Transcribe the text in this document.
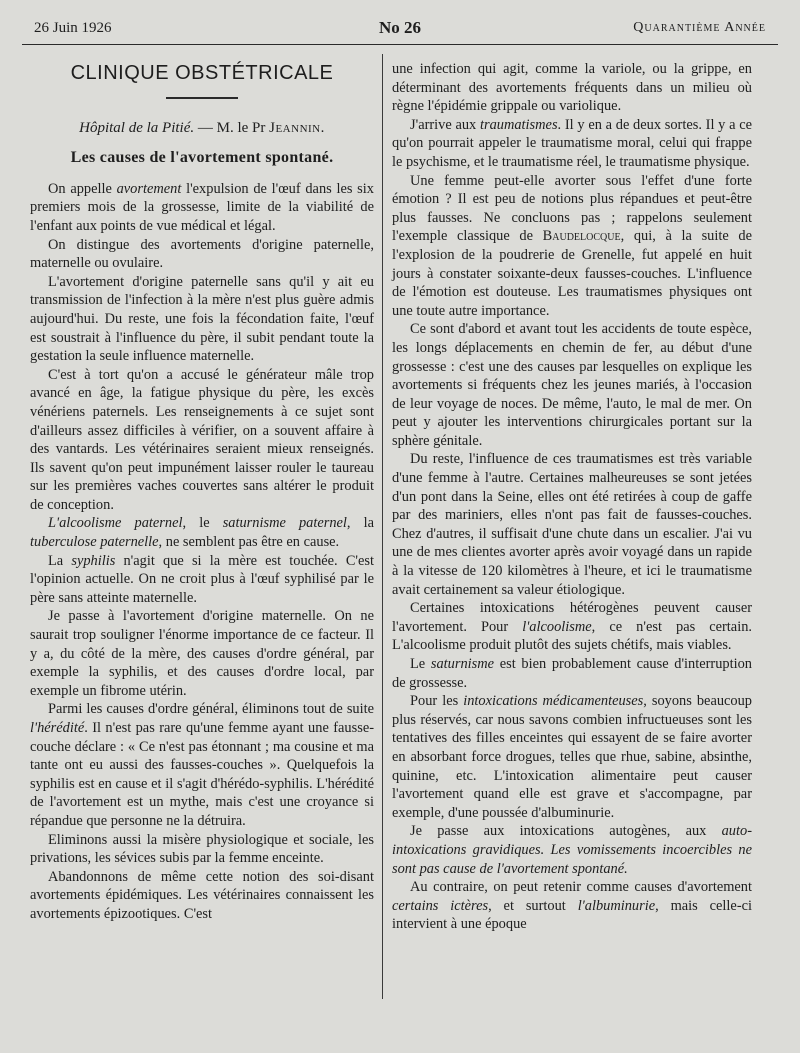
26 Juin 1926	No 26	Quarantième Année
CLINIQUE OBSTÉTRICALE
Hôpital de la Pitié. — M. le Pr Jeannin.
Les causes de l'avortement spontané.

On appelle avortement l'expulsion de l'œuf dans les six premiers mois de la grossesse, limite de la viabilité de l'enfant aux points de vue médical et légal.

On distingue des avortements d'origine paternelle, maternelle ou ovulaire.

L'avortement d'origine paternelle sans qu'il y ait eu transmission de l'infection à la mère n'est plus guère admis aujourd'hui. Du reste, une fois la fécondation faite, l'œuf est soustrait à l'influence du père, il subit pendant toute la gestation la seule influence maternelle.

C'est à tort qu'on a accusé le générateur mâle trop avancé en âge, la fatigue physique du père, les excès vénériens paternels. Les renseignements à ce sujet sont d'ailleurs assez difficiles à vérifier, on a souvent affaire à des vantards. Les vétérinaires seraient mieux renseignés. Ils savent qu'on peut impunément laisser rouler le taureau sur les premières vaches couvertes sans altérer le produit de conception.

L'alcoolisme paternel, le saturnisme paternel, la tuberculose paternelle, ne semblent pas être en cause.

La syphilis n'agit que si la mère est touchée. C'est l'opinion actuelle. On ne croit plus à l'œuf syphilisé par le père sans atteinte maternelle.

Je passe à l'avortement d'origine maternelle. On ne saurait trop souligner l'énorme importance de ce facteur. Il y a, du côté de la mère, des causes d'ordre général, par exemple la syphilis, et des causes d'ordre local, par exemple un fibrome utérin.

Parmi les causes d'ordre général, éliminons tout de suite l'hérédité. Il n'est pas rare qu'une femme ayant une fausse-couche déclare : « Ce n'est pas étonnant ; ma cousine et ma tante ont eu aussi des fausses-couches ». Quelquefois la syphilis est en cause et il s'agit d'hérédo-syphilis. L'hérédité de l'avortement est un mythe, mais c'est une croyance si répandue que personne ne la détruira.

Eliminons aussi la misère physiologique et sociale, les privations, les sévices subis par la femme enceinte.

Abandonnons de même cette notion des soi-disant avortements épidémiques. Les vétérinaires connaissent les avortements épizootiques. C'est

une infection qui agit, comme la variole, ou la grippe, en déterminant des avortements fréquents dans un milieu où règne l'épidémie grippale ou variolique.

J'arrive aux traumatismes. Il y en a de deux sortes. Il y a ce qu'on pourrait appeler le traumatisme moral, celui qui frappe le psychisme, et le traumatisme réel, le traumatisme physique.

Une femme peut-elle avorter sous l'effet d'une forte émotion ? Il est peu de notions plus répandues et peut-être plus fausses. Ne concluons pas ; rappelons seulement l'exemple classique de Baudelocque, qui, à la suite de l'explosion de la poudrerie de Grenelle, fut appelé en huit jours à constater soixante-deux fausses-couches. L'influence de l'émotion est douteuse. Les traumatismes physiques ont une toute autre importance.

Ce sont d'abord et avant tout les accidents de toute espèce, les longs déplacements en chemin de fer, au début d'une grossesse : c'est une des causes par lesquelles on explique les avortements si fréquents chez les jeunes mariés, à l'occasion de leur voyage de noces. De même, l'auto, le mal de mer. On peut y ajouter les interventions chirurgicales portant sur la sphère génitale.

Du reste, l'influence de ces traumatismes est très variable d'une femme à l'autre. Certaines malheureuses se sont jetées d'un pont dans la Seine, elles ont été retirées à coup de gaffe par des mariniers, elles n'ont pas fait de fausses-couches. Chez d'autres, il suffisait d'une chute dans un escalier. J'ai vu une de mes clientes avorter après avoir voyagé dans un rapide à la vitesse de 120 kilomètres à l'heure, et ici le traumatisme avait certainement sa valeur étiologique.

Certaines intoxications hétérogènes peuvent causer l'avortement. Pour l'alcoolisme, ce n'est pas certain. L'alcoolisme produit plutôt des sujets chétifs, mais viables.

Le saturnisme est bien probablement cause d'interruption de grossesse.

Pour les intoxications médicamenteuses, soyons beaucoup plus réservés, car nous savons combien infructueuses sont les tentatives des filles enceintes qui essayent de se faire avorter en absorbant force drogues, telles que rhue, sabine, absinthe, quinine, etc. L'intoxication alimentaire peut causer l'avortement quand elle est grave et s'accompagne, par exemple, d'une poussée d'albuminurie.

Je passe aux intoxications autogènes, aux auto-intoxications gravidiques. Les vomissements incoercibles ne sont pas cause de l'avortement spontané.

Au contraire, on peut retenir comme causes d'avortement certains ictères, et surtout l'albuminurie, mais celle-ci intervient à une époque
